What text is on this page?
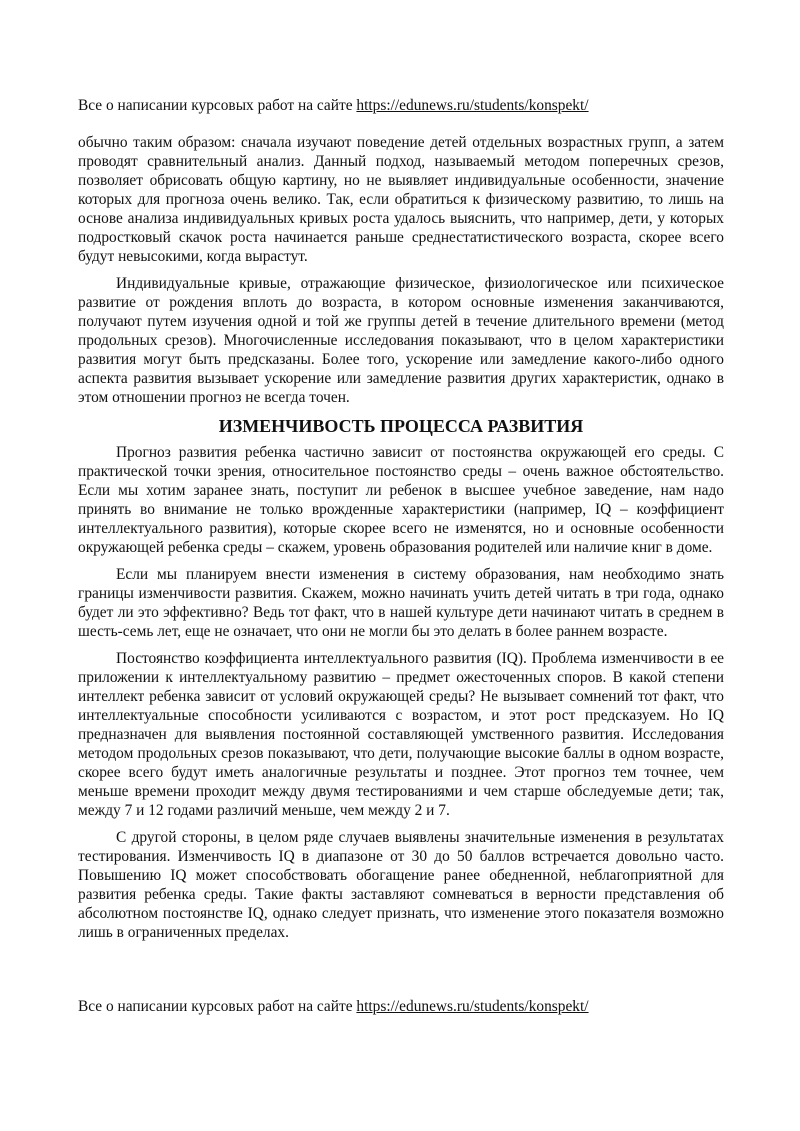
Все о написании курсовых работ на сайте https://edunews.ru/students/konspekt/

обычно таким образом: сначала изучают поведение детей отдельных возрастных групп, а затем проводят сравнительный анализ. Данный подход, называемый методом поперечных срезов, позволяет обрисовать общую картину, но не выявляет индивидуальные особенности, значение которых для прогноза очень велико. Так, если обратиться к физическому развитию, то лишь на основе анализа индивидуальных кривых роста удалось выяснить, что например, дети, у которых подростковый скачок роста начинается раньше среднестатистического возраста, скорее всего будут невысокими, когда вырастут.

Индивидуальные кривые, отражающие физическое, физиологическое или психическое развитие от рождения вплоть до возраста, в котором основные изменения заканчиваются, получают путем изучения одной и той же группы детей в течение длительного времени (метод продольных срезов). Многочисленные исследования показывают, что в целом характеристики развития могут быть предсказаны. Более того, ускорение или замедление какого-либо одного аспекта развития вызывает ускорение или замедление развития других характеристик, однако в этом отношении прогноз не всегда точен.

ИЗМЕНЧИВОСТЬ ПРОЦЕССА РАЗВИТИЯ

Прогноз развития ребенка частично зависит от постоянства окружающей его среды. С практической точки зрения, относительное постоянство среды – очень важное обстоятельство. Если мы хотим заранее знать, поступит ли ребенок в высшее учебное заведение, нам надо принять во внимание не только врожденные характеристики (например, IQ – коэффициент интеллектуального развития), которые скорее всего не изменятся, но и основные особенности окружающей ребенка среды – скажем, уровень образования родителей или наличие книг в доме.

Если мы планируем внести изменения в систему образования, нам необходимо знать границы изменчивости развития. Скажем, можно начинать учить детей читать в три года, однако будет ли это эффективно? Ведь тот факт, что в нашей культуре дети начинают читать в среднем в шесть-семь лет, еще не означает, что они не могли бы это делать в более раннем возрасте.

Постоянство коэффициента интеллектуального развития (IQ). Проблема изменчивости в ее приложении к интеллектуальному развитию – предмет ожесточенных споров. В какой степени интеллект ребенка зависит от условий окружающей среды? Не вызывает сомнений тот факт, что интеллектуальные способности усиливаются с возрастом, и этот рост предсказуем. Но IQ предназначен для выявления постоянной составляющей умственного развития. Исследования методом продольных срезов показывают, что дети, получающие высокие баллы в одном возрасте, скорее всего будут иметь аналогичные результаты и позднее. Этот прогноз тем точнее, чем меньше времени проходит между двумя тестированиями и чем старше обследуемые дети; так, между 7 и 12 годами различий меньше, чем между 2 и 7.

С другой стороны, в целом ряде случаев выявлены значительные изменения в результатах тестирования. Изменчивость IQ в диапазоне от 30 до 50 баллов встречается довольно часто. Повышению IQ может способствовать обогащение ранее обедненной, неблагоприятной для развития ребенка среды. Такие факты заставляют сомневаться в верности представления об абсолютном постоянстве IQ, однако следует признать, что изменение этого показателя возможно лишь в ограниченных пределах.

Все о написании курсовых работ на сайте https://edunews.ru/students/konspekt/
